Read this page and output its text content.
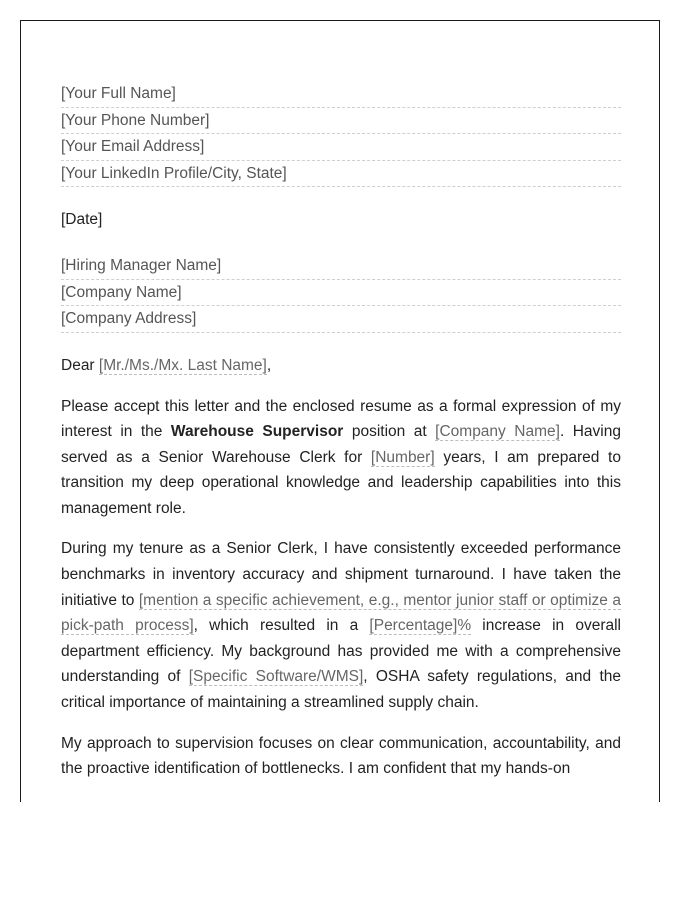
[Your Full Name]
[Your Phone Number]
[Your Email Address]
[Your LinkedIn Profile/City, State]
[Date]
[Hiring Manager Name]
[Company Name]
[Company Address]
Dear [Mr./Ms./Mx. Last Name],

Please accept this letter and the enclosed resume as a formal expression of my interest in the Warehouse Supervisor position at [Company Name]. Having served as a Senior Warehouse Clerk for [Number] years, I am prepared to transition my deep operational knowledge and leadership capabilities into this management role.

During my tenure as a Senior Clerk, I have consistently exceeded performance benchmarks in inventory accuracy and shipment turnaround. I have taken the initiative to [mention a specific achievement, e.g., mentor junior staff or optimize a pick-path process], which resulted in a [Percentage]% increase in overall department efficiency. My background has provided me with a comprehensive understanding of [Specific Software/WMS], OSHA safety regulations, and the critical importance of maintaining a streamlined supply chain.

My approach to supervision focuses on clear communication, accountability, and the proactive identification of bottlenecks. I am confident that my hands-on
